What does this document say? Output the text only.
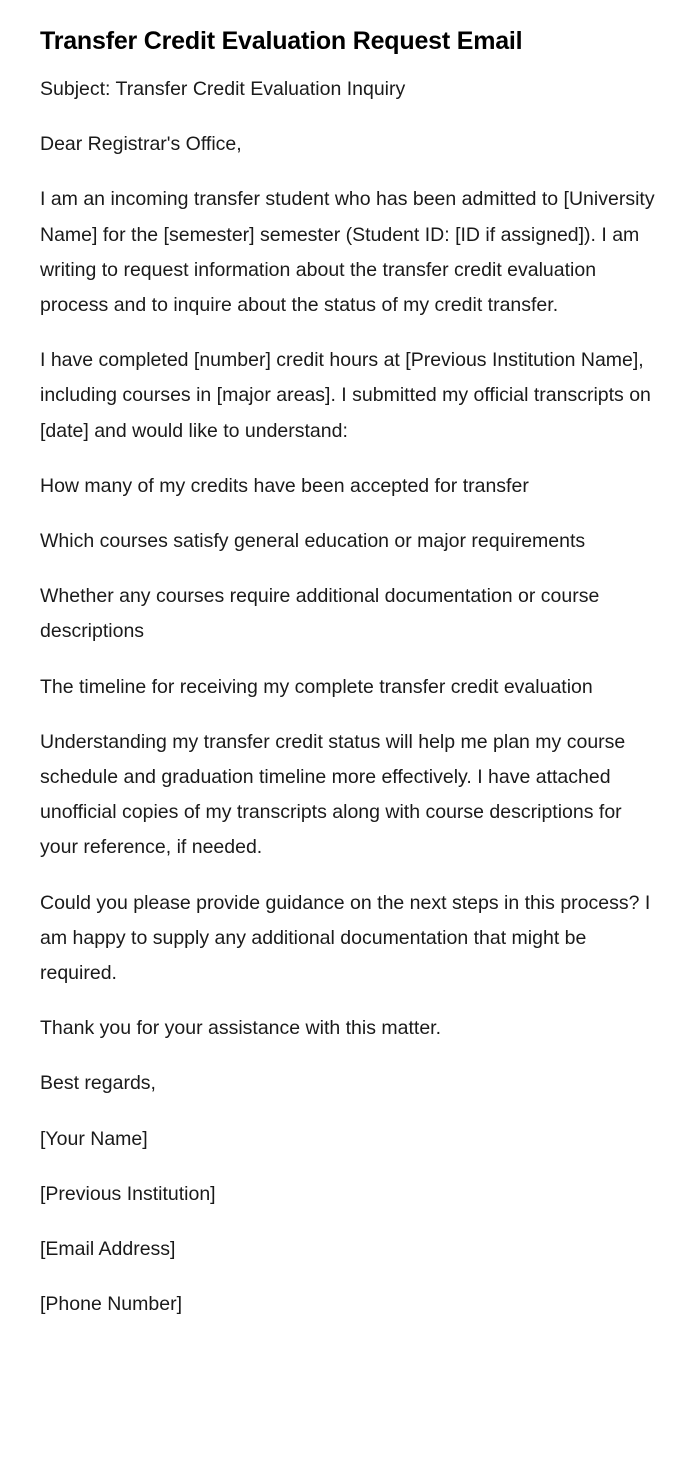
Transfer Credit Evaluation Request Email

Subject: Transfer Credit Evaluation Inquiry

Dear Registrar's Office,

I am an incoming transfer student who has been admitted to [University Name] for the [semester] semester (Student ID: [ID if assigned]). I am writing to request information about the transfer credit evaluation process and to inquire about the status of my credit transfer.

I have completed [number] credit hours at [Previous Institution Name], including courses in [major areas]. I submitted my official transcripts on [date] and would like to understand:

How many of my credits have been accepted for transfer

Which courses satisfy general education or major requirements

Whether any courses require additional documentation or course descriptions

The timeline for receiving my complete transfer credit evaluation

Understanding my transfer credit status will help me plan my course schedule and graduation timeline more effectively. I have attached unofficial copies of my transcripts along with course descriptions for your reference, if needed.

Could you please provide guidance on the next steps in this process? I am happy to supply any additional documentation that might be required.

Thank you for your assistance with this matter.

Best regards,

[Your Name]

[Previous Institution]

[Email Address]

[Phone Number]
